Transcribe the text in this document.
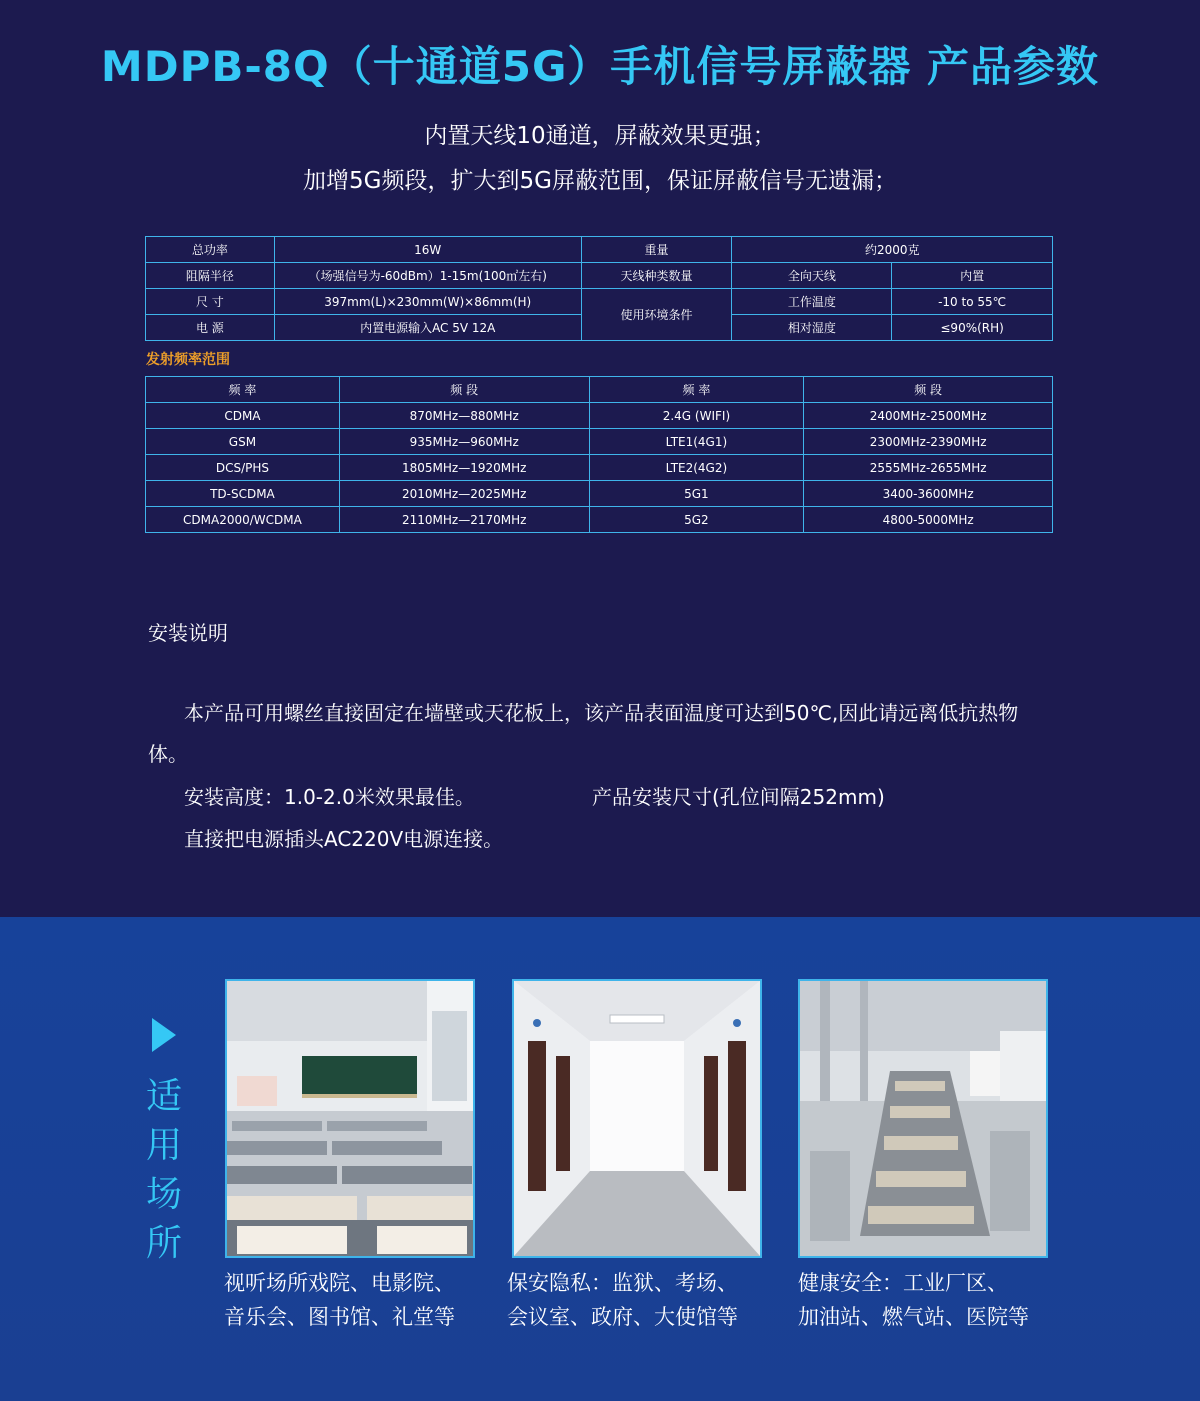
MDPB-8Q（十通道5G）手机信号屏蔽器 产品参数
内置天线10通道，屏蔽效果更强；
加增5G频段，扩大到5G屏蔽范围，保证屏蔽信号无遗漏；
总功率	16W	重量	约2000克	
阻隔半径	（场强信号为-60dBm）1-15m(100㎡左右)	天线种类数量	全向天线	内置
尺 寸	397mm(L)×230mm(W)×86mm(H)	使用环境条件	工作温度	-10 to 55℃
电 源	内置电源输入AC 5V 12A		相对湿度	≤90%(RH)
发射频率范围
频 率	频 段	频 率	频 段
CDMA	870MHz—880MHz	2.4G (WIFI)	2400MHz-2500MHz
GSM	935MHz—960MHz	LTE1(4G1)	2300MHz-2390MHz
DCS/PHS	1805MHz—1920MHz	LTE2(4G2)	2555MHz-2655MHz
TD-SCDMA	2010MHz—2025MHz	5G1	3400-3600MHz
CDMA2000/WCDMA	2110MHz—2170MHz	5G2	4800-5000MHz
安装说明

本产品可用螺丝直接固定在墙壁或天花板上，该产品表面温度可达到50℃,因此请远离低抗热物体。

安装高度：1.0-2.0米效果最佳。	产品安装尺寸(孔位间隔252mm)

直接把电源插头AC220V电源连接。

适
用
场
所
视听场所戏院、电影院、
音乐会、图书馆、礼堂等
保安隐私：监狱、考场、
会议室、政府、大使馆等
健康安全：工业厂区、
加油站、燃气站、医院等
